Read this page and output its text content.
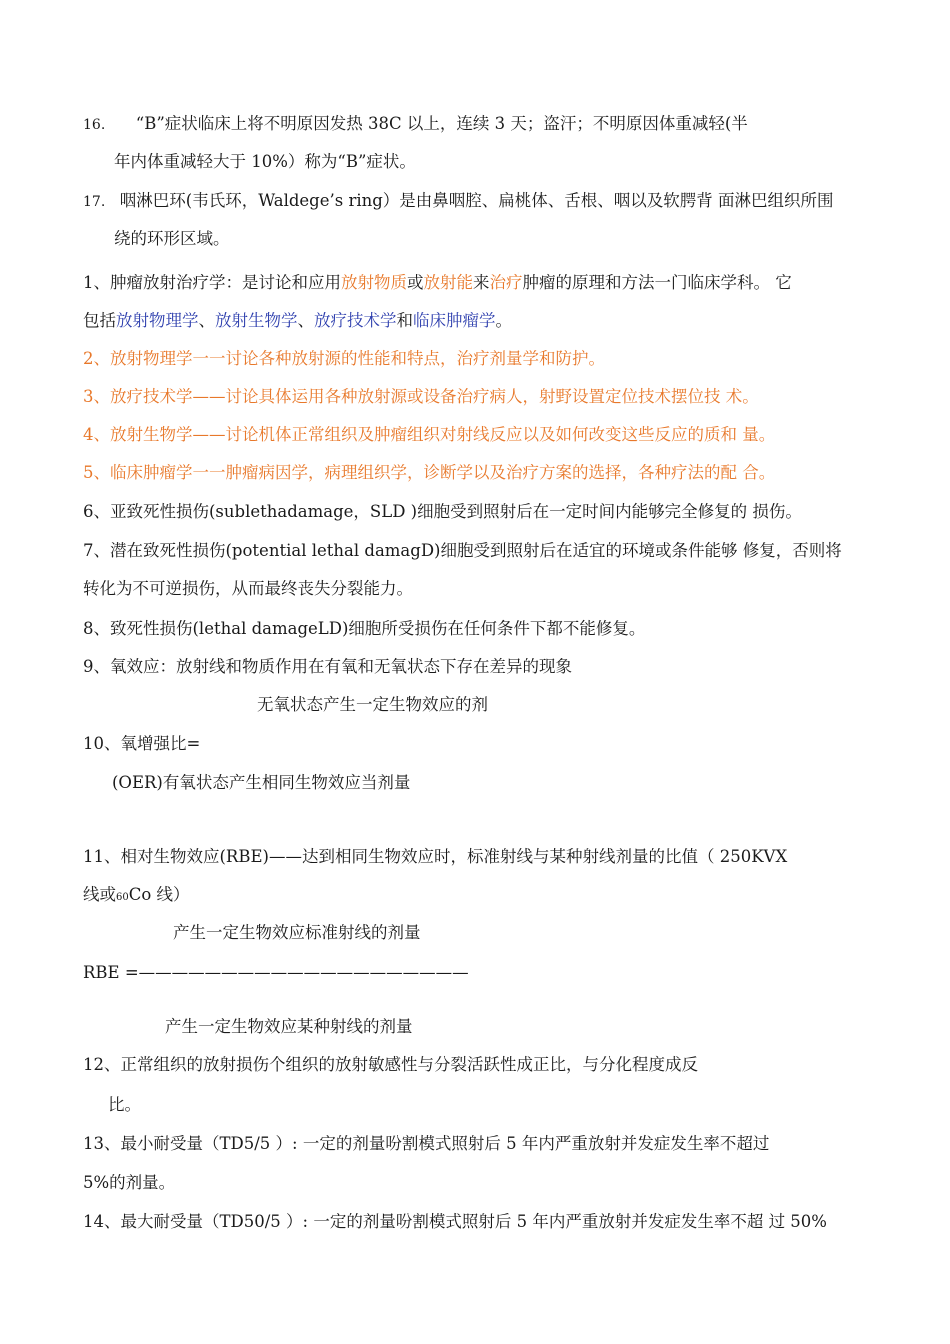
16. “B”症状临床上将不明原因发热 38C 以上，连续 3 天；盗汗；不明原因体重减轻(半
年内体重减轻大于 10%）称为“B”症状。
17. 咽淋巴环(韦氏环，Waldege’s ring）是由鼻咽腔、扁桃体、舌根、咽以及软腭背 面淋巴组织所围
绕的环形区域。
1、肿瘤放射治疗学：是讨论和应用放射物质或放射能来治疗肿瘤的原理和方法一门临床学科。 它
包括放射物理学、放射生物学、放疗技术学和临床肿瘤学。
2、放射物理学一一讨论各种放射源的性能和特点，治疗剂量学和防护。
3、放疗技术学——讨论具体运用各种放射源或设备治疗病人，射野设置定位技术摆位技 术。
4、放射生物学——讨论机体正常组织及肿瘤组织对射线反应以及如何改变这些反应的质和 量。
5、临床肿瘤学一一肿瘤病因学，病理组织学，诊断学以及治疗方案的选择，各种疗法的配 合。
6、亚致死性损伤(sublethadamage，SLD )细胞受到照射后在一定时间内能够完全修复的 损伤。
7、潜在致死性损伤(potential lethal damagD)细胞受到照射后在适宜的环境或条件能够 修复，否则将
转化为不可逆损伤，从而最终丧失分裂能力。
8、致死性损伤(lethal damageLD)细胞所受损伤在任何条件下都不能修复。
9、氧效应：放射线和物质作用在有氧和无氧状态下存在差异的现象
无氧状态产生一定生物效应的剂
10、氧增强比=
(OER)有氧状态产生相同生物效应当剂量
11、相对生物效应(RBE)——达到相同生物效应时，标准射线与某种射线剂量的比值（ 250KVX
线或60Co 线）
产生一定生物效应标准射线的剂量
RBE =————————————————————
产生一定生物效应某种射线的剂量
12、正常组织的放射损伤个组织的放射敏感性与分裂活跃性成正比，与分化程度成反
比。
13、最小耐受量（TD5/5 ）: 一定的剂量吩割模式照射后 5 年内严重放射并发症发生率不超过
5%的剂量。
14、最大耐受量（TD50/5 ）: 一定的剂量吩割模式照射后 5 年内严重放射并发症发生率不超 过 50%
